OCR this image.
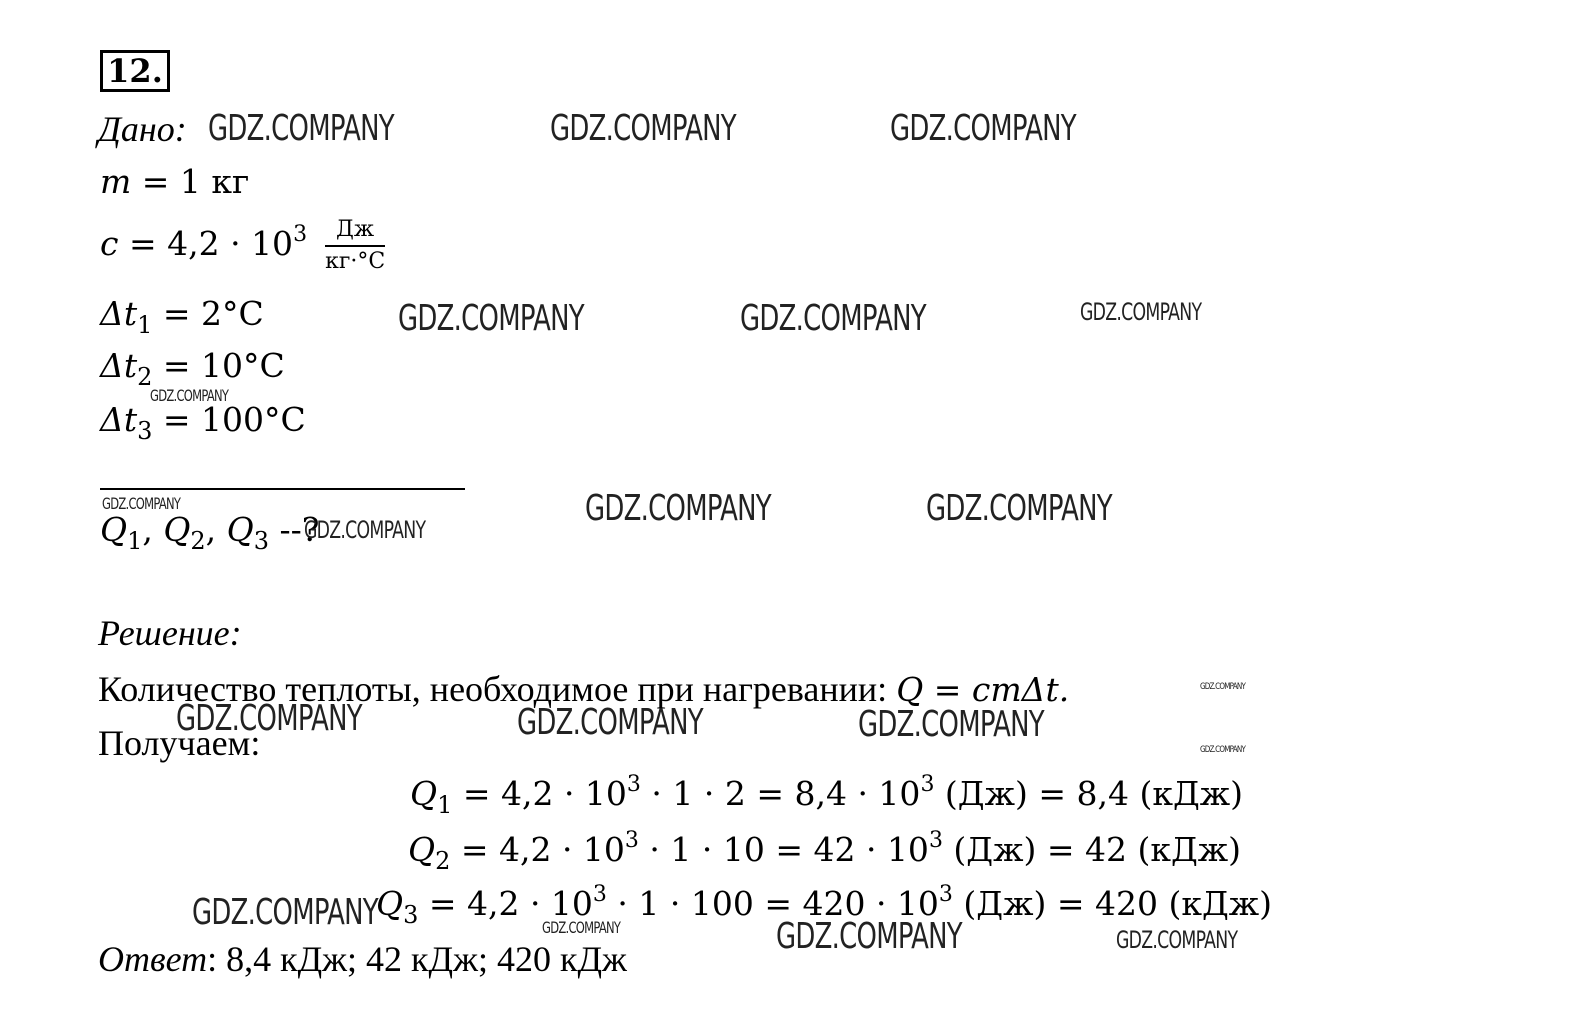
12.
Дано:
m = 1 кг
$c = 4,2 \cdot 10^3 \frac{Дж}{кг\cdot^\circ C}$
$\Delta t_1 = 2^\circ C$
$\Delta t_2 = 10^\circ C$
$\Delta t_3 = 100^\circ C$
$Q_1$, $Q_2$, $Q_3$ --?
Решение:
Количество теплоты, необходимое при нагревании: Q = cmΔt.
Получаем:
$Q_1 = 4,2 \cdot 10^3 \cdot 1 \cdot 2 = 8,4 \cdot 10^3$ (Дж) = 8,4 (кДж)
$Q_2 = 4,2 \cdot 10^3 \cdot 1 \cdot 10 = 42 \cdot 10^3$ (Дж) = 42 (кДж)
$Q_3 = 4,2 \cdot 10^3 \cdot 1 \cdot 100 = 420 \cdot 10^3$ (Дж) = 420 (кДж)
Ответ: 8,4 кДж; 42 кДж; 420 кДж
GDZ.COMPANY	GDZ.COMPANY	GDZ.COMPANY
GDZ.COMPANY	GDZ.COMPANY	GDZ.COMPANY
GDZ.COMPANY
GDZ.COMPANY
GDZ.COMPANY
GDZ.COMPANY	GDZ.COMPANY
GDZ.COMPANY
GDZ.COMPANY	GDZ.COMPANY	GDZ.COMPANY
GDZ.COMPANY
GDZ.COMPANY	GDZ.COMPANY	GDZ.COMPANY	GDZ.COMPANY
